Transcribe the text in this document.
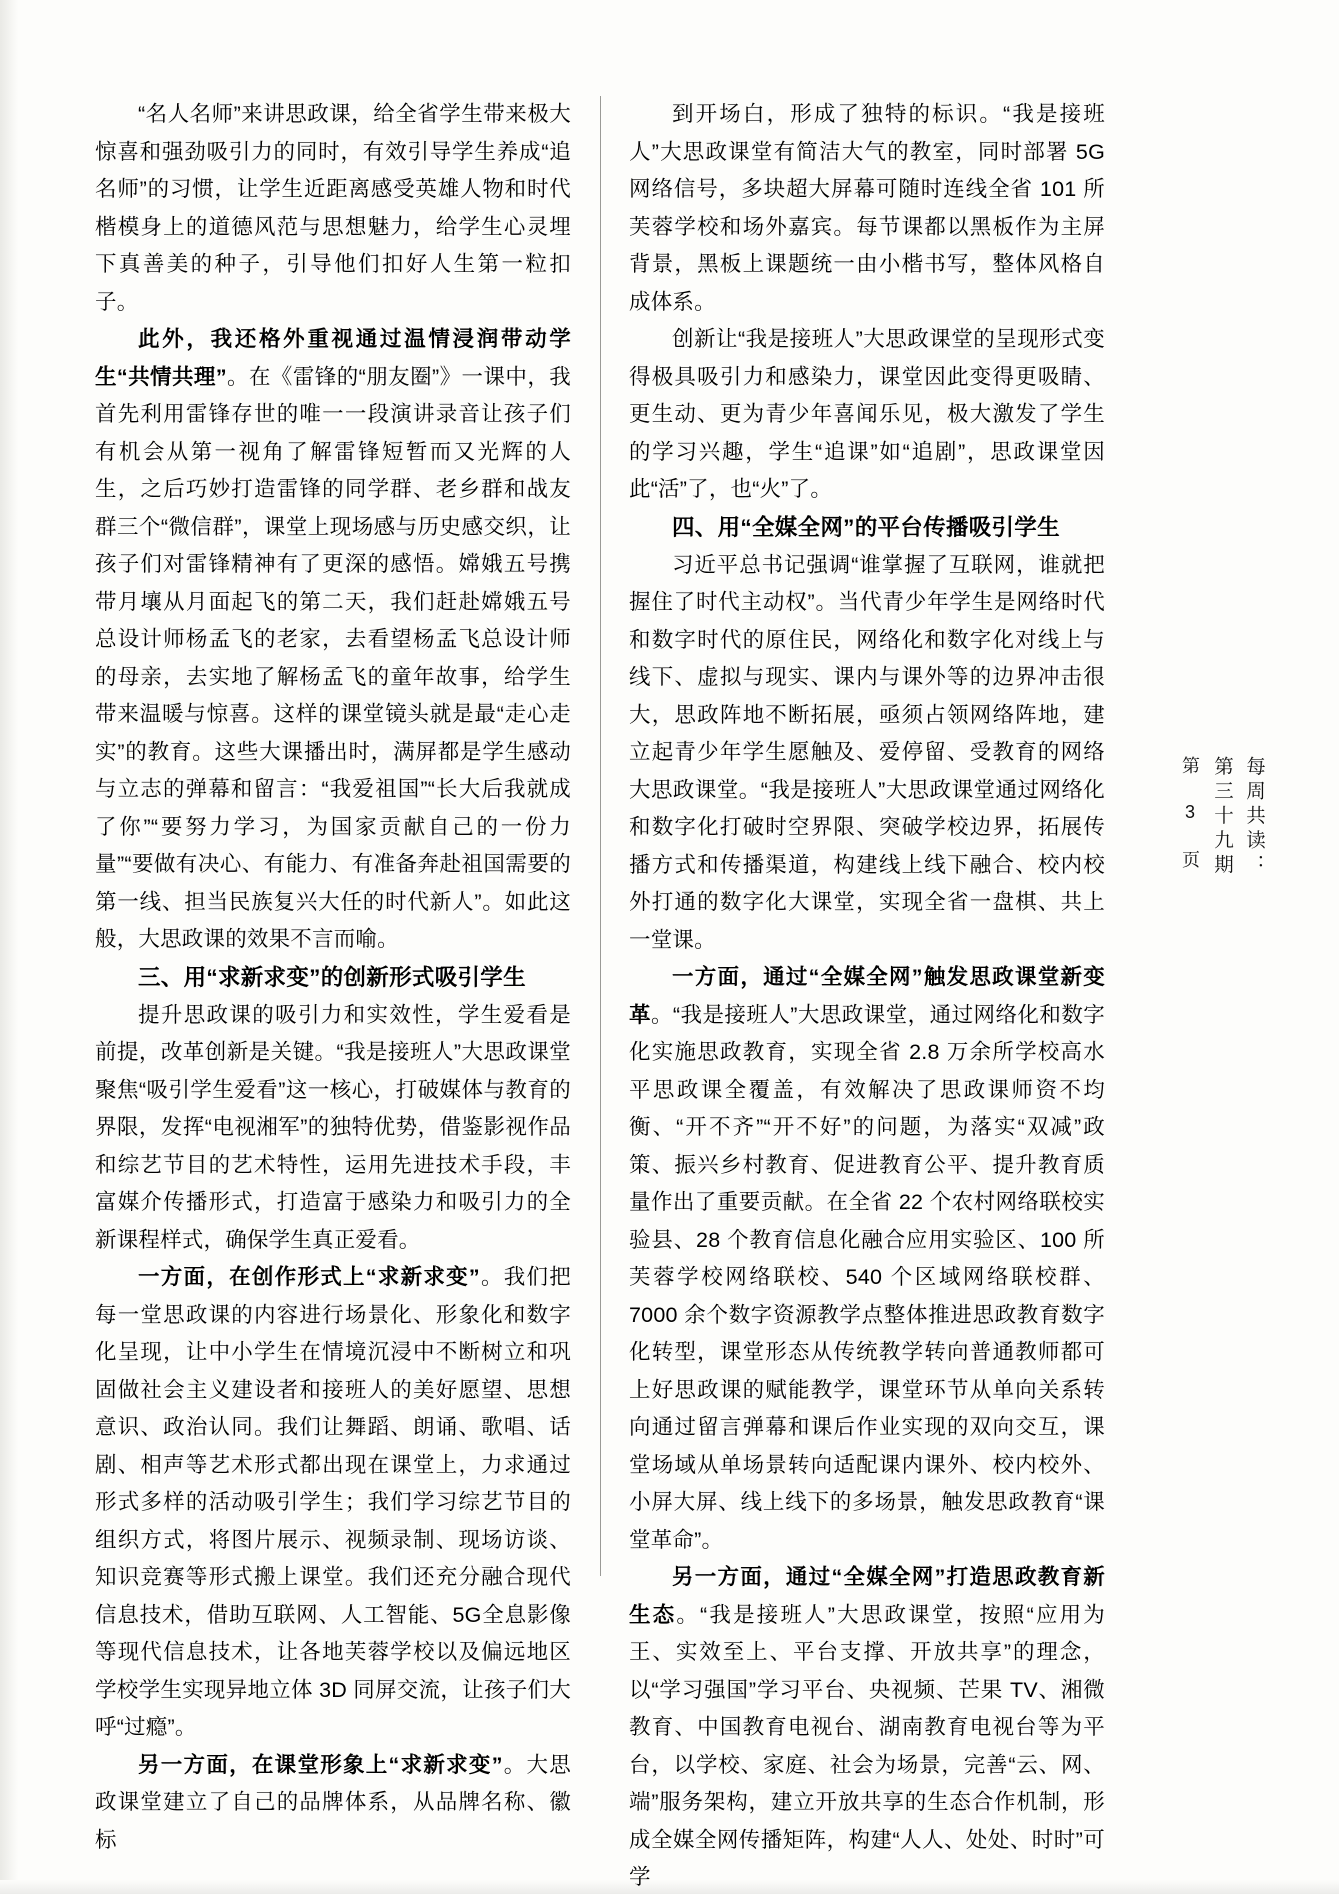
“名人名师”来讲思政课，给全省学生带来极大惊喜和强劲吸引力的同时，有效引导学生养成“追名师”的习惯，让学生近距离感受英雄人物和时代楷模身上的道德风范与思想魅力，给学生心灵埋下真善美的种子，引导他们扣好人生第一粒扣子。

此外，我还格外重视通过温情浸润带动学生“共情共理”。在《雷锋的“朋友圈”》一课中，我首先利用雷锋存世的唯一一段演讲录音让孩子们有机会从第一视角了解雷锋短暂而又光辉的人生，之后巧妙打造雷锋的同学群、老乡群和战友群三个“微信群”，课堂上现场感与历史感交织，让孩子们对雷锋精神有了更深的感悟。嫦娥五号携带月壤从月面起飞的第二天，我们赶赴嫦娥五号总设计师杨孟飞的老家，去看望杨孟飞总设计师的母亲，去实地了解杨孟飞的童年故事，给学生带来温暖与惊喜。这样的课堂镜头就是最“走心走实”的教育。这些大课播出时，满屏都是学生感动与立志的弹幕和留言：“我爱祖国”“长大后我就成了你”“要努力学习，为国家贡献自己的一份力量”“要做有决心、有能力、有准备奔赴祖国需要的第一线、担当民族复兴大任的时代新人”。如此这般，大思政课的效果不言而喻。

三、用“求新求变”的创新形式吸引学生

提升思政课的吸引力和实效性，学生爱看是前提，改革创新是关键。“我是接班人”大思政课堂聚焦“吸引学生爱看”这一核心，打破媒体与教育的界限，发挥“电视湘军”的独特优势，借鉴影视作品和综艺节目的艺术特性，运用先进技术手段，丰富媒介传播形式，打造富于感染力和吸引力的全新课程样式，确保学生真正爱看。

一方面，在创作形式上“求新求变”。我们把每一堂思政课的内容进行场景化、形象化和数字化呈现，让中小学生在情境沉浸中不断树立和巩固做社会主义建设者和接班人的美好愿望、思想意识、政治认同。我们让舞蹈、朗诵、歌唱、话剧、相声等艺术形式都出现在课堂上，力求通过形式多样的活动吸引学生；我们学习综艺节目的组织方式，将图片展示、视频录制、现场访谈、知识竞赛等形式搬上课堂。我们还充分融合现代信息技术，借助互联网、人工智能、5G全息影像等现代信息技术，让各地芙蓉学校以及偏远地区学校学生实现异地立体 3D 同屏交流，让孩子们大呼“过瘾”。

另一方面，在课堂形象上“求新求变”。大思政课堂建立了自己的品牌体系，从品牌名称、徽标

到开场白，形成了独特的标识。“我是接班人”大思政课堂有简洁大气的教室，同时部署 5G 网络信号，多块超大屏幕可随时连线全省 101 所芙蓉学校和场外嘉宾。每节课都以黑板作为主屏背景，黑板上课题统一由小楷书写，整体风格自成体系。

创新让“我是接班人”大思政课堂的呈现形式变得极具吸引力和感染力，课堂因此变得更吸睛、更生动、更为青少年喜闻乐见，极大激发了学生的学习兴趣，学生“追课”如“追剧”，思政课堂因此“活”了，也“火”了。

四、用“全媒全网”的平台传播吸引学生

习近平总书记强调“谁掌握了互联网，谁就把握住了时代主动权”。当代青少年学生是网络时代和数字时代的原住民，网络化和数字化对线上与线下、虚拟与现实、课内与课外等的边界冲击很大，思政阵地不断拓展，亟须占领网络阵地，建立起青少年学生愿触及、爱停留、受教育的网络大思政课堂。“我是接班人”大思政课堂通过网络化和数字化打破时空界限、突破学校边界，拓展传播方式和传播渠道，构建线上线下融合、校内校外打通的数字化大课堂，实现全省一盘棋、共上一堂课。

一方面，通过“全媒全网”触发思政课堂新变革。“我是接班人”大思政课堂，通过网络化和数字化实施思政教育，实现全省 2.8 万余所学校高水平思政课全覆盖，有效解决了思政课师资不均衡、“开不齐”“开不好”的问题，为落实“双减”政策、振兴乡村教育、促进教育公平、提升教育质量作出了重要贡献。在全省 22 个农村网络联校实验县、28 个教育信息化融合应用实验区、100 所芙蓉学校网络联校、540 个区域网络联校群、7000 余个数字资源教学点整体推进思政教育数字化转型，课堂形态从传统教学转向普通教师都可上好思政课的赋能教学，课堂环节从单向关系转向通过留言弹幕和课后作业实现的双向交互，课堂场域从单场景转向适配课内课外、校内校外、小屏大屏、线上线下的多场景，触发思政教育“课堂革命”。

另一方面，通过“全媒全网”打造思政教育新生态。“我是接班人”大思政课堂，按照“应用为王、实效至上、平台支撑、开放共享”的理念，以“学习强国”学习平台、央视频、芒果 TV、湘微教育、中国教育电视台、湖南教育电视台等为平台，以学校、家庭、社会为场景，完善“云、网、端”服务架构，建立开放共享的生态合作机制，形成全媒全网传播矩阵，构建“人人、处处、时时”可学

每周共读：
第三十九期
第 3 页
